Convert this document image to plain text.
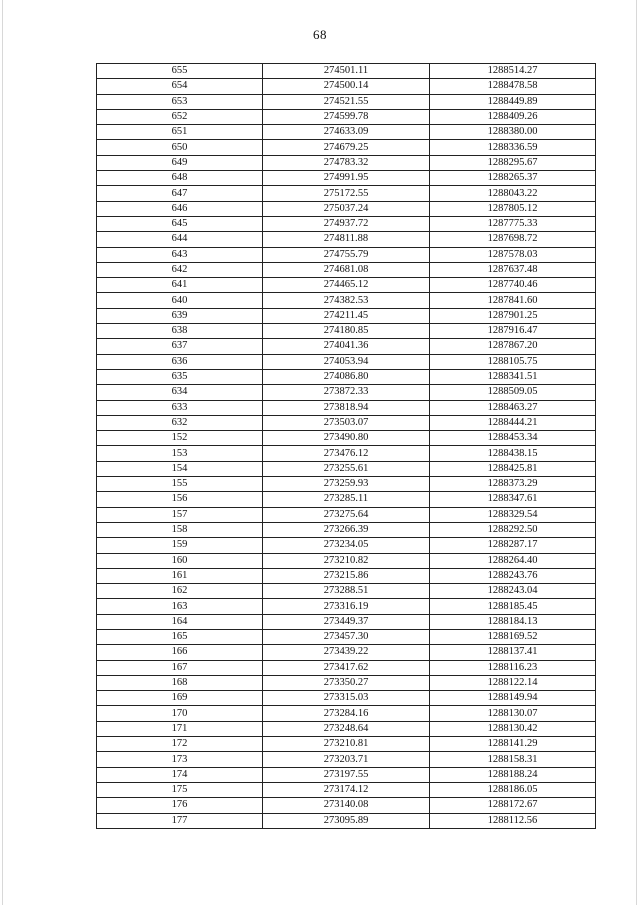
68
655	274501.11	1288514.27
654	274500.14	1288478.58
653	274521.55	1288449.89
652	274599.78	1288409.26
651	274633.09	1288380.00
650	274679.25	1288336.59
649	274783.32	1288295.67
648	274991.95	1288265.37
647	275172.55	1288043.22
646	275037.24	1287805.12
645	274937.72	1287775.33
644	274811.88	1287698.72
643	274755.79	1287578.03
642	274681.08	1287637.48
641	274465.12	1287740.46
640	274382.53	1287841.60
639	274211.45	1287901.25
638	274180.85	1287916.47
637	274041.36	1287867.20
636	274053.94	1288105.75
635	274086.80	1288341.51
634	273872.33	1288509.05
633	273818.94	1288463.27
632	273503.07	1288444.21
152	273490.80	1288453.34
153	273476.12	1288438.15
154	273255.61	1288425.81
155	273259.93	1288373.29
156	273285.11	1288347.61
157	273275.64	1288329.54
158	273266.39	1288292.50
159	273234.05	1288287.17
160	273210.82	1288264.40
161	273215.86	1288243.76
162	273288.51	1288243.04
163	273316.19	1288185.45
164	273449.37	1288184.13
165	273457.30	1288169.52
166	273439.22	1288137.41
167	273417.62	1288116.23
168	273350.27	1288122.14
169	273315.03	1288149.94
170	273284.16	1288130.07
171	273248.64	1288130.42
172	273210.81	1288141.29
173	273203.71	1288158.31
174	273197.55	1288188.24
175	273174.12	1288186.05
176	273140.08	1288172.67
177	273095.89	1288112.56
